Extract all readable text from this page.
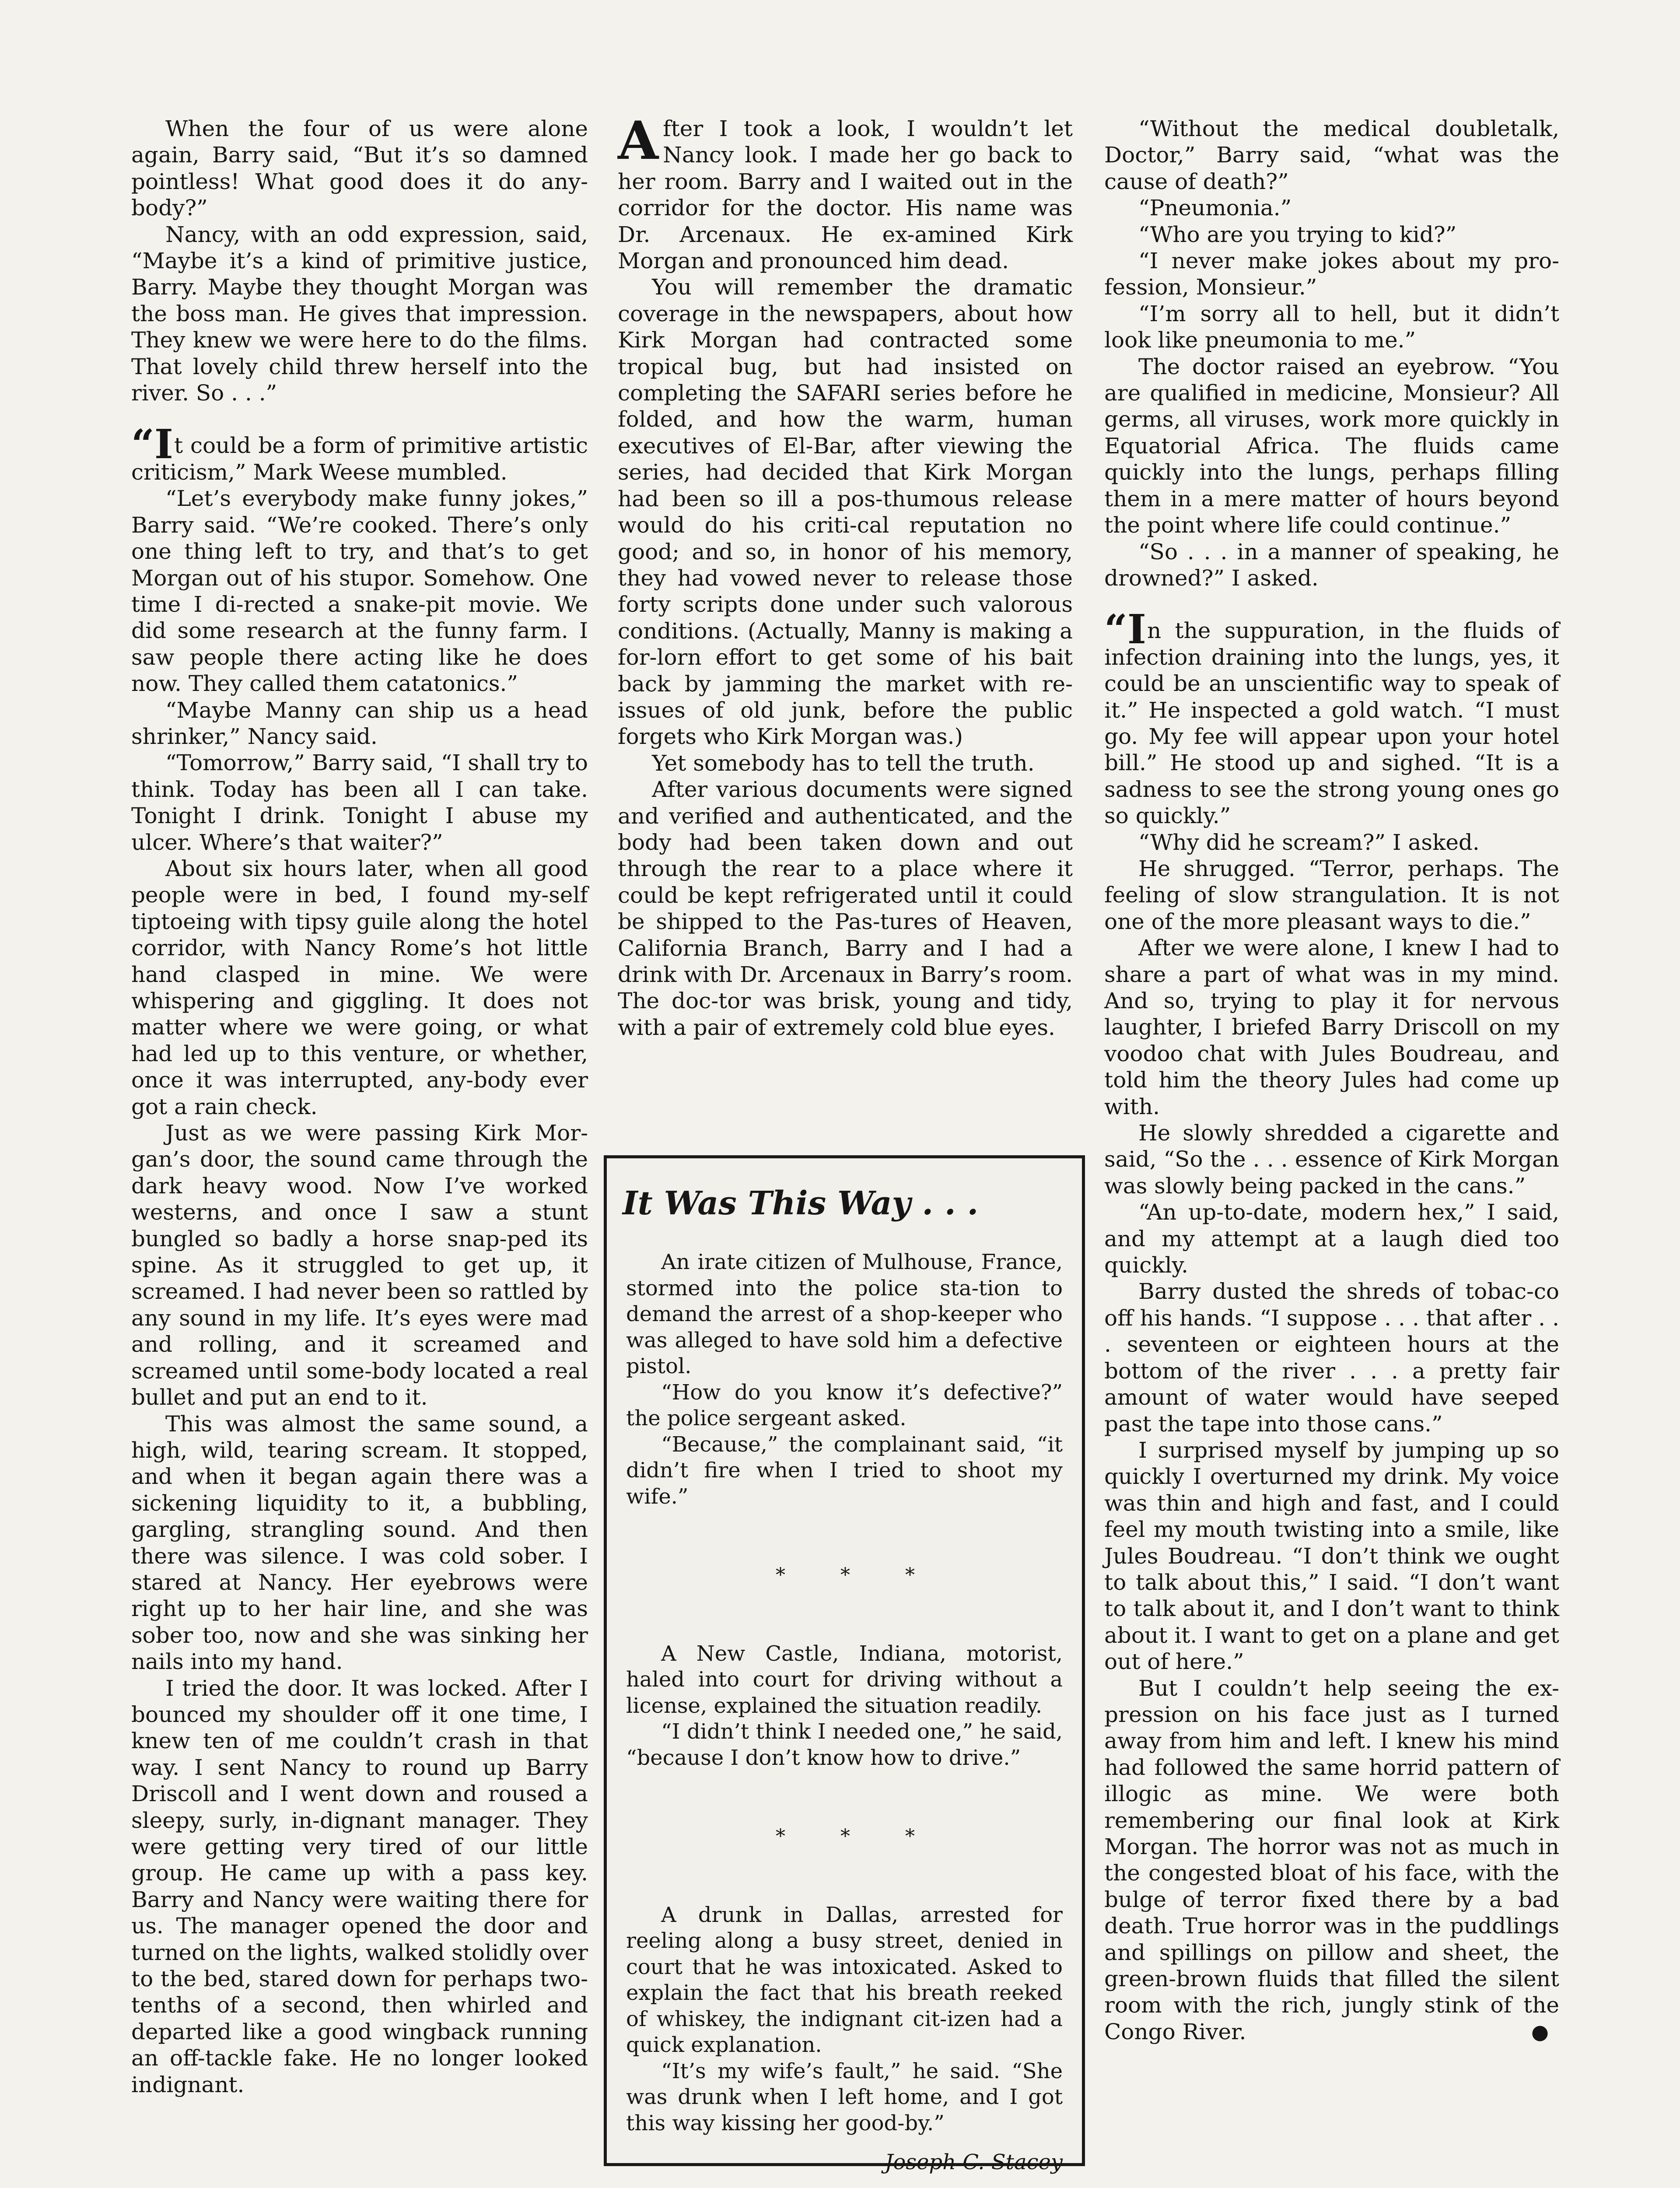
When the four of us were alone again, Barry said, “But it’s so damned pointless! What good does it do any-body?”

Nancy, with an odd expression, said, “Maybe it’s a kind of primitive justice, Barry. Maybe they thought Morgan was the boss man. He gives that impression. They knew we were here to do the films. That lovely child threw herself into the river. So . . .”

“It could be a form of primitive artistic criticism,” Mark Weese mumbled.

“Let’s everybody make funny jokes,” Barry said. “We’re cooked. There’s only one thing left to try, and that’s to get Morgan out of his stupor. Somehow. One time I di-rected a snake-pit movie. We did some research at the funny farm. I saw people there acting like he does now. They called them catatonics.”

“Maybe Manny can ship us a head shrinker,” Nancy said.

“Tomorrow,” Barry said, “I shall try to think. Today has been all I can take. Tonight I drink. Tonight I abuse my ulcer. Where’s that waiter?”

About six hours later, when all good people were in bed, I found my-self tiptoeing with tipsy guile along the hotel corridor, with Nancy Rome’s hot little hand clasped in mine. We were whispering and giggling. It does not matter where we were going, or what had led up to this venture, or whether, once it was interrupted, any-body ever got a rain check.

Just as we were passing Kirk Mor-gan’s door, the sound came through the dark heavy wood. Now I’ve worked westerns, and once I saw a stunt bungled so badly a horse snap-ped its spine. As it struggled to get up, it screamed. I had never been so rattled by any sound in my life. It’s eyes were mad and rolling, and it screamed and screamed until some-body located a real bullet and put an end to it.

This was almost the same sound, a high, wild, tearing scream. It stopped, and when it began again there was a sickening liquidity to it, a bubbling, gargling, strangling sound. And then there was silence. I was cold sober. I stared at Nancy. Her eyebrows were right up to her hair line, and she was sober too, now and she was sinking her nails into my hand.

I tried the door. It was locked. After I bounced my shoulder off it one time, I knew ten of me couldn’t crash in that way. I sent Nancy to round up Barry Driscoll and I went down and roused a sleepy, surly, in-dignant manager. They were getting very tired of our little group. He came up with a pass key. Barry and Nancy were waiting there for us. The manager opened the door and turned on the lights, walked stolidly over to the bed, stared down for perhaps two-tenths of a second, then whirled and departed like a good wingback running an off-tackle fake. He no longer looked indignant.

After I took a look, I wouldn’t let Nancy look. I made her go back to her room. Barry and I waited out in the corridor for the doctor. His name was Dr. Arcenaux. He ex-amined Kirk Morgan and pronounced him dead.

You will remember the dramatic coverage in the newspapers, about how Kirk Morgan had contracted some tropical bug, but had insisted on completing the SAFARI series before he folded, and how the warm, human executives of El-Bar, after viewing the series, had decided that Kirk Morgan had been so ill a pos-thumous release would do his criti-cal reputation no good; and so, in honor of his memory, they had vowed never to release those forty scripts done under such valorous conditions. (Actually, Manny is making a for-lorn effort to get some of his bait back by jamming the market with re-issues of old junk, before the public forgets who Kirk Morgan was.)

Yet somebody has to tell the truth.

After various documents were signed and verified and authenticated, and the body had been taken down and out through the rear to a place where it could be kept refrigerated until it could be shipped to the Pas-tures of Heaven, California Branch, Barry and I had a drink with Dr. Arcenaux in Barry’s room. The doc-tor was brisk, young and tidy, with a pair of extremely cold blue eyes.

It Was This Way . . .

An irate citizen of Mulhouse, France, stormed into the police sta-tion to demand the arrest of a shop-keeper who was alleged to have sold him a defective pistol.

“How do you know it’s defective?” the police sergeant asked.

“Because,” the complainant said, “it didn’t fire when I tried to shoot my wife.”

* * *

A New Castle, Indiana, motorist, haled into court for driving without a license, explained the situation readily.

“I didn’t think I needed one,” he said, “because I don’t know how to drive.”

* * *

A drunk in Dallas, arrested for reeling along a busy street, denied in court that he was intoxicated. Asked to explain the fact that his breath reeked of whiskey, the indignant cit-izen had a quick explanation.

“It’s my wife’s fault,” he said. “She was drunk when I left home, and I got this way kissing her good-by.”

Joseph C. Stacey

“Without the medical doubletalk, Doctor,” Barry said, “what was the cause of death?”

“Pneumonia.”

“Who are you trying to kid?”

“I never make jokes about my pro-fession, Monsieur.”

“I’m sorry all to hell, but it didn’t look like pneumonia to me.”

The doctor raised an eyebrow. “You are qualified in medicine, Monsieur? All germs, all viruses, work more quickly in Equatorial Africa. The fluids came quickly into the lungs, perhaps filling them in a mere matter of hours beyond the point where life could continue.”

“So . . . in a manner of speaking, he drowned?” I asked.

“In the suppuration, in the fluids of infection draining into the lungs, yes, it could be an unscientific way to speak of it.” He inspected a gold watch. “I must go. My fee will appear upon your hotel bill.” He stood up and sighed. “It is a sadness to see the strong young ones go so quickly.”

“Why did he scream?” I asked.

He shrugged. “Terror, perhaps. The feeling of slow strangulation. It is not one of the more pleasant ways to die.”

After we were alone, I knew I had to share a part of what was in my mind. And so, trying to play it for nervous laughter, I briefed Barry Driscoll on my voodoo chat with Jules Boudreau, and told him the theory Jules had come up with.

He slowly shredded a cigarette and said, “So the . . . essence of Kirk Morgan was slowly being packed in the cans.”

“An up-to-date, modern hex,” I said, and my attempt at a laugh died too quickly.

Barry dusted the shreds of tobac-co off his hands. “I suppose . . . that after . . . seventeen or eighteen hours at the bottom of the river . . . a pretty fair amount of water would have seeped past the tape into those cans.”

I surprised myself by jumping up so quickly I overturned my drink. My voice was thin and high and fast, and I could feel my mouth twisting into a smile, like Jules Boudreau. “I don’t think we ought to talk about this,” I said. “I don’t want to talk about it, and I don’t want to think about it. I want to get on a plane and get out of here.”

But I couldn’t help seeing the ex-pression on his face just as I turned away from him and left. I knew his mind had followed the same horrid pattern of illogic as mine. We were both remembering our final look at Kirk Morgan. The horror was not as much in the congested bloat of his face, with the bulge of terror fixed there by a bad death. True horror was in the puddlings and spillings on pillow and sheet, the green-brown fluids that filled the silent room with the rich, jungly stink of the Congo River.	●
